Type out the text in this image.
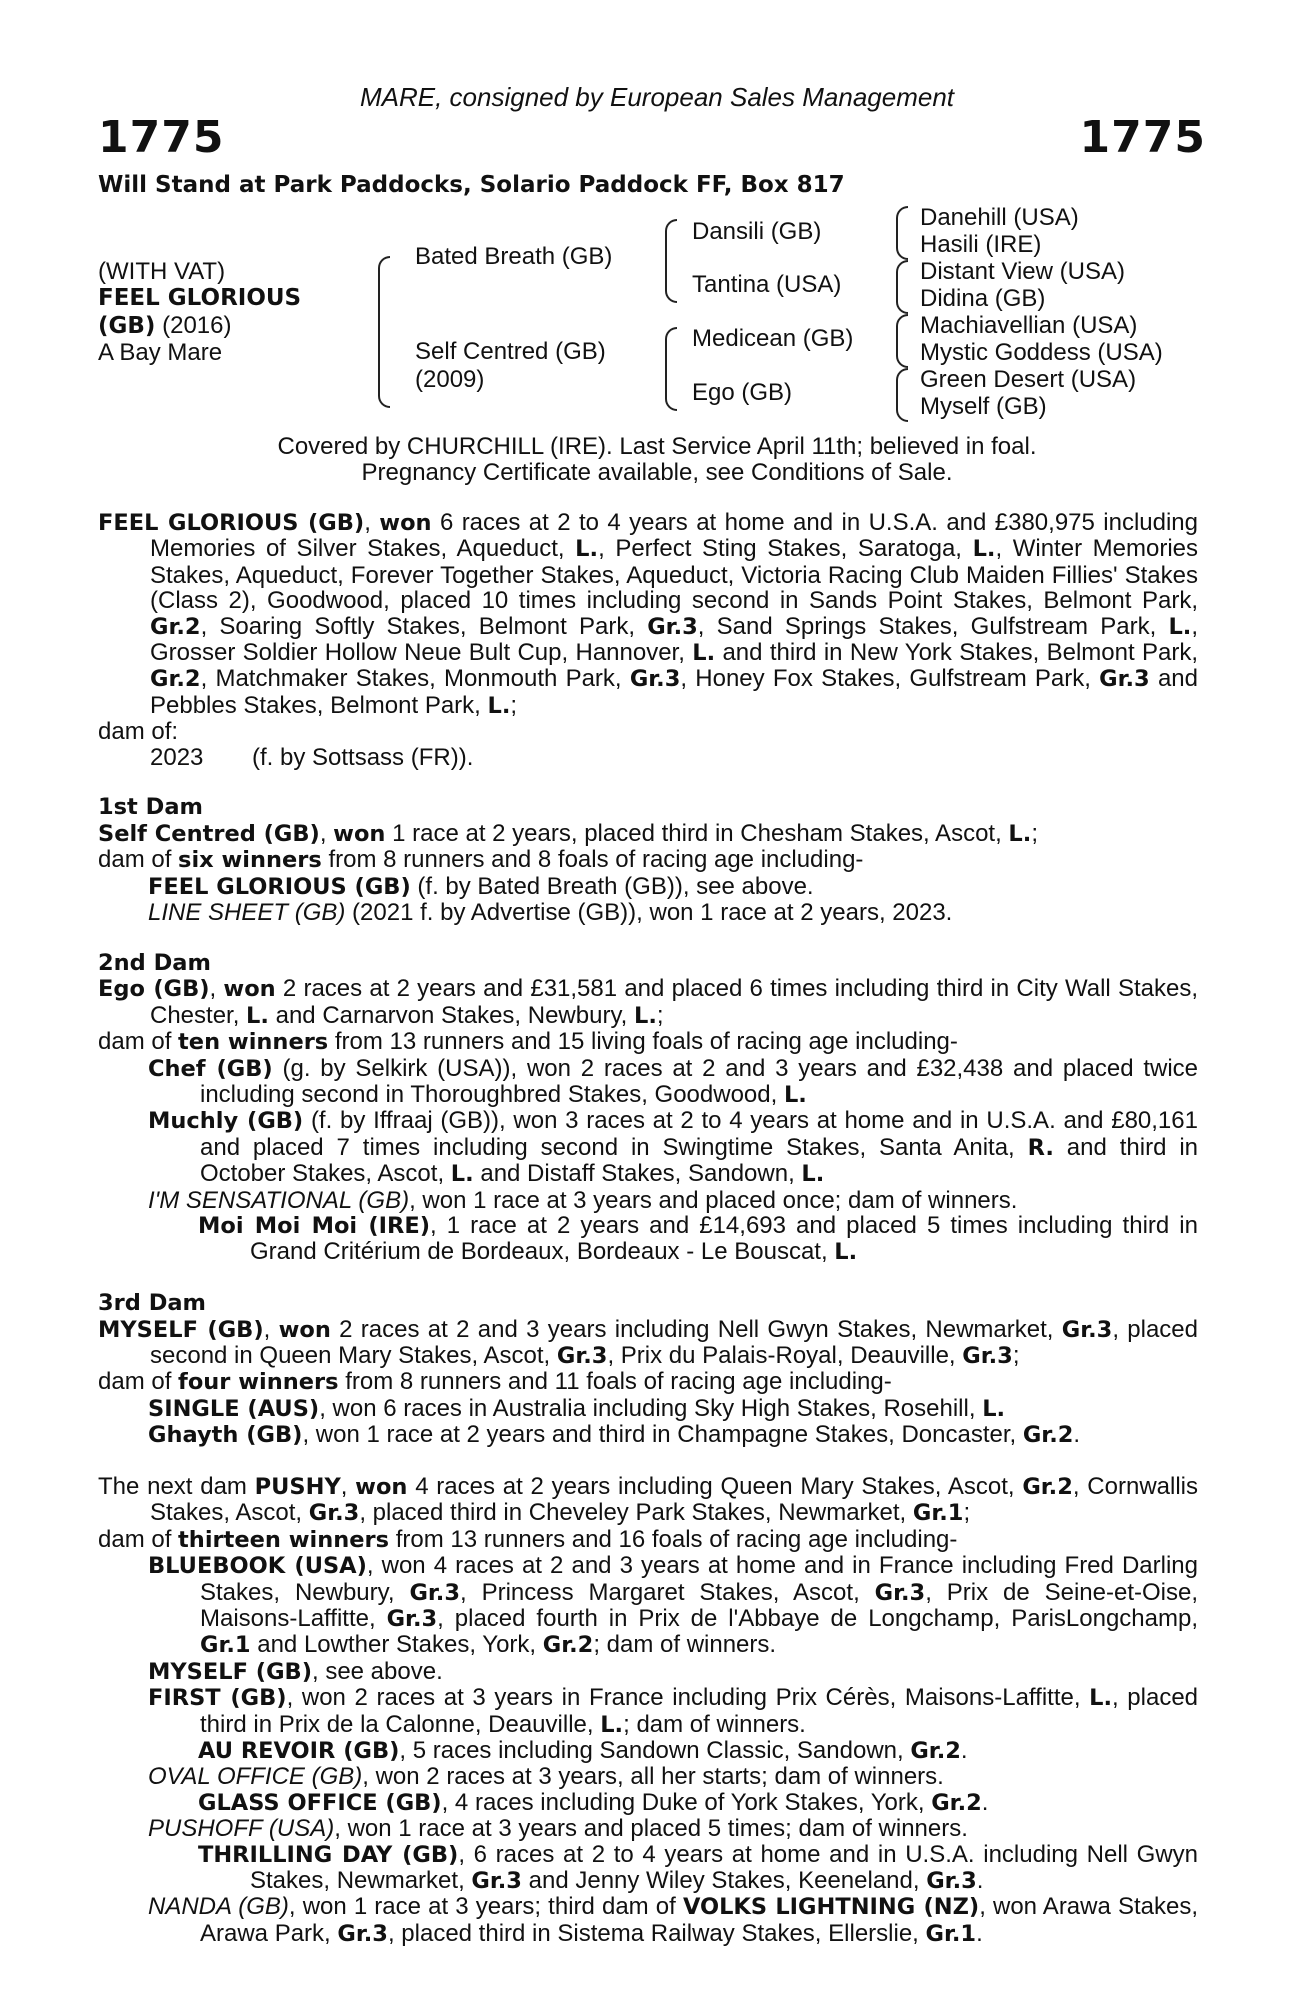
MARE, consigned by European Sales Management
1775	1775
Will Stand at Park Paddocks, Solario Paddock FF, Box 817
(WITH VAT)
FEEL GLORIOUS
(GB) (2016)
A Bay Mare
Bated Breath (GB)
Self Centred (GB)
(2009)
Dansili (GB)
Tantina (USA)
Medicean (GB)
Ego (GB)
Danehill (USA)
Hasili (IRE)
Distant View (USA)
Didina (GB)
Machiavellian (USA)
Mystic Goddess (USA)
Green Desert (USA)
Myself (GB)
Covered by CHURCHILL (IRE). Last Service April 11th; believed in foal.
Pregnancy Certificate available, see Conditions of Sale.

FEEL GLORIOUS (GB), won 6 races at 2 to 4 years at home and in U.S.A. and £380,975 including Memories of Silver Stakes, Aqueduct, L., Perfect Sting Stakes, Saratoga, L., Winter Memories Stakes, Aqueduct, Forever Together Stakes, Aqueduct, Victoria Racing Club Maiden Fillies' Stakes (Class 2), Goodwood, placed 10 times including second in Sands Point Stakes, Belmont Park, Gr.2, Soaring Softly Stakes, Belmont Park, Gr.3, Sand Springs Stakes, Gulfstream Park, L., Grosser Soldier Hollow Neue Bult Cup, Hannover, L. and third in New York Stakes, Belmont Park, Gr.2, Matchmaker Stakes, Monmouth Park, Gr.3, Honey Fox Stakes, Gulfstream Park, Gr.3 and Pebbles Stakes, Belmont Park, L.;

dam of:

2023 (f. by Sottsass (FR)).

1st Dam

Self Centred (GB), won 1 race at 2 years, placed third in Chesham Stakes, Ascot, L.;

dam of six winners from 8 runners and 8 foals of racing age including-

FEEL GLORIOUS (GB) (f. by Bated Breath (GB)), see above.

LINE SHEET (GB) (2021 f. by Advertise (GB)), won 1 race at 2 years, 2023.

2nd Dam

Ego (GB), won 2 races at 2 years and £31,581 and placed 6 times including third in City Wall Stakes, Chester, L. and Carnarvon Stakes, Newbury, L.;

dam of ten winners from 13 runners and 15 living foals of racing age including-

Chef (GB) (g. by Selkirk (USA)), won 2 races at 2 and 3 years and £32,438 and placed twice including second in Thoroughbred Stakes, Goodwood, L.

Muchly (GB) (f. by Iffraaj (GB)), won 3 races at 2 to 4 years at home and in U.S.A. and £80,161 and placed 7 times including second in Swingtime Stakes, Santa Anita, R. and third in October Stakes, Ascot, L. and Distaff Stakes, Sandown, L.

I'M SENSATIONAL (GB), won 1 race at 3 years and placed once; dam of winners.

Moi Moi Moi (IRE), 1 race at 2 years and £14,693 and placed 5 times including third in Grand Critérium de Bordeaux, Bordeaux - Le Bouscat, L.

3rd Dam

MYSELF (GB), won 2 races at 2 and 3 years including Nell Gwyn Stakes, Newmarket, Gr.3, placed second in Queen Mary Stakes, Ascot, Gr.3, Prix du Palais-Royal, Deauville, Gr.3;

dam of four winners from 8 runners and 11 foals of racing age including-

SINGLE (AUS), won 6 races in Australia including Sky High Stakes, Rosehill, L.

Ghayth (GB), won 1 race at 2 years and third in Champagne Stakes, Doncaster, Gr.2.

The next dam PUSHY, won 4 races at 2 years including Queen Mary Stakes, Ascot, Gr.2, Cornwallis Stakes, Ascot, Gr.3, placed third in Cheveley Park Stakes, Newmarket, Gr.1;

dam of thirteen winners from 13 runners and 16 foals of racing age including-

BLUEBOOK (USA), won 4 races at 2 and 3 years at home and in France including Fred Darling Stakes, Newbury, Gr.3, Princess Margaret Stakes, Ascot, Gr.3, Prix de Seine-et-Oise, Maisons-Laffitte, Gr.3, placed fourth in Prix de l'Abbaye de Longchamp, ParisLongchamp, Gr.1 and Lowther Stakes, York, Gr.2; dam of winners.

MYSELF (GB), see above.

FIRST (GB), won 2 races at 3 years in France including Prix Cérès, Maisons-Laffitte, L., placed third in Prix de la Calonne, Deauville, L.; dam of winners.

AU REVOIR (GB), 5 races including Sandown Classic, Sandown, Gr.2.

OVAL OFFICE (GB), won 2 races at 3 years, all her starts; dam of winners.

GLASS OFFICE (GB), 4 races including Duke of York Stakes, York, Gr.2.

PUSHOFF (USA), won 1 race at 3 years and placed 5 times; dam of winners.

THRILLING DAY (GB), 6 races at 2 to 4 years at home and in U.S.A. including Nell Gwyn Stakes, Newmarket, Gr.3 and Jenny Wiley Stakes, Keeneland, Gr.3.

NANDA (GB), won 1 race at 3 years; third dam of VOLKS LIGHTNING (NZ), won Arawa Stakes, Arawa Park, Gr.3, placed third in Sistema Railway Stakes, Ellerslie, Gr.1.
